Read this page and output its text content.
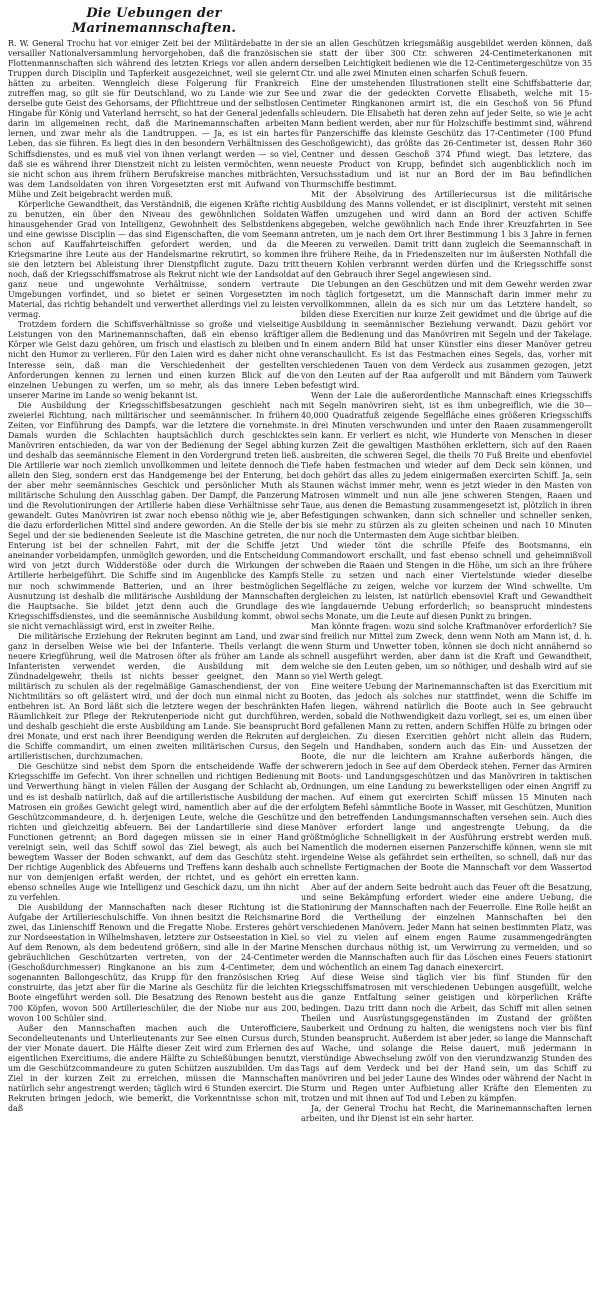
Die Uebungen der Marinemannschaften.

R. W. General Trochu hat vor einiger Zeit bei der Militärdebatte in der versailler Nationalversammlung hervorgehoben, daß die französischen Flottenmannschaften sich während des letzten Kriegs vor allen andern Truppen durch Disciplin und Tapferkeit ausgezeichnet, weil sie gelernt hätten zu arbeiten. Wenngleich diese Folgerung für Frankreich zutreffen mag, so gilt sie für Deutschland, wo zu Lande wie zur See derselbe gute Geist des Gehorsams, der Pflichttreue und der selbstlosen Hingabe für König und Vaterland herrscht, so hat der General jedenfalls darin im allgemeinen recht, daß die Marinemannschaften arbeiten lernen, und zwar mehr als die Landtruppen. — Ja, es ist ein hartes Leben, das sie führen. Es liegt dies in den besondern Verhältnissen des Schiffsdienstes, und es muß viel von ihnen verlangt werden — so viel, daß sie es während ihrer Dienstzeit nicht zu leisten vermöchten, wenn sie nicht schon aus ihrem frühern Berufskreise manches mitbrächten, was dem Landsoldaten von ihren Vorgesetzten erst mit Aufwand von Mühe und Zeit beigebracht werden muß.

Körperliche Gewandtheit, das Verständniß, die eigenen Kräfte richtig zu benutzen, ein über den Niveau des gewöhnlichen Soldaten hinausgehender Grad von Intelligenz, Gewohnheit des Selbstdenkens und eine gewisse Disciplin — das sind Eigenschaften, die vom Seemann schon auf Kauffahrteischiffen gefordert werden, und da die Kriegsmarine ihre Leute aus der Handelsmarine rekrutirt, so kommen sie den letztern bei Ableistung ihrer Dienstpflicht zugute. Dazu tritt noch, daß der Kriegsschiffsmatrose als Rekrut nicht wie der Landsoldat ganz neue und ungewohnte Verhältnisse, sondern vertraute Umgebungen vorfindet, und so bietet er seinen Vorgesetzten im Material, das richtig behandelt und verwerthet allerdings viel zu leisten vermag.

Trotzdem fordern die Schiffsverhältnisse so große und vielseitige Leistungen von den Marinemannschaften, daß ein ebenso kräftiger Körper wie Geist dazu gehören, um frisch und elastisch zu bleiben und nicht den Humor zu verlieren. Für den Laien wird es daher nicht ohne Interesse sein, daß man die Verschiedenheit der gestellten Anforderungen kennen zu lernen und einen kurzen Blick auf die einzelnen Uebungen zu werfen, um so mehr, als das innere Leben unserer Marine im Lande so wenig bekannt ist.

Die Ausbildung der Kriegsschiffsbesatzungen geschieht nach zweierlei Richtung, nach militärischer und seemännischer. In frühern Zeiten, vor Einführung des Dampfs, war die letztere die vornehmste. Damals wurden die Schlachten hauptsächlich durch geschicktes Manövriren entschieden, da war von der Bedienung der Segel abhing und deshalb das seemännische Element in den Vordergrund treten ließ. Die Artillerie war noch ziemlich unvollkommen und leitete dennoch die allein den Sieg, sondern erst das Handgemenge bei der Enterung, bei der aber mehr seemännisches Geschick und persönlicher Muth als militärische Schulung den Ausschlag gaben. Der Dampf, die Panzerung und die Revolutionirungen der Artillerie haben diese Verhältnisse sehr gewandelt. Gutes Manövriren ist zwar noch ebenso nöthig wie je, aber die dazu erforderlichen Mittel sind andere geworden. An die Stelle der Segel und der sie bedienenden Seeleute ist die Maschine getreten, die Enterung ist bei der schnellen Fahrt, mit der die Schiffe jetzt aneinander vorbeidampfen, unmöglich geworden, und die Entscheidung wird von jetzt durch Widderstöße oder durch die Wirkungen der Artillerie herbeigeführt. Die Schiffe sind im Augenblicke des Kampfs nur noch schwimmende Batterien, und an ihrer bestmöglichen Ausnutzung ist deshalb die militärische Ausbildung der Mannschaften die Hauptsache. Sie bildet jetzt denn auch die Grundlage des Kriegsschiffsdienstes, und die seemännische Ausbildung kommt, obwol sie nicht vernachlässigt wird, erst in zweiter Reihe.

Die militärische Erziehung der Rekruten beginnt am Land, und zwar ganz in derselben Weise wie bei der Infanterie. Theils verlangt die neuere Kriegführung, weil die Matrosen öfter als früher am Lande als Infanteristen verwendet werden, die Ausbildung mit dem Zündnadelgewehr, theils ist nichts besser geeignet, den Mann militärisch zu schulen als der regelmäßige Gamaschendienst, der von Nichtmilitärs so oft gelästert wird, und der doch nun einmal nicht zu entbehren ist. An Bord läßt sich die letztere wegen der beschränkten Räumlichkeit zur Pflege der Rekrutenperiode nicht gut durchführen, und deshalb geschieht die erste Ausbildung am Lande. Sie beansprucht drei Monate, und erst nach ihrer Beendigung werden die Rekruten auf die Schiffe commandirt, um einen zweiten militärischen Cursus, den artilleristischen, durchzumachen.

Die Geschütze sind nebst dem Sporn die entscheidende Waffe der Kriegsschiffe im Gefecht. Von ihrer schnellen und richtigen Bedienung und Verwerthung hängt in vielen Fällen der Ausgang der Schlacht ab, und es ist deshalb natürlich, daß auf die artilleristische Ausbildung der Matrosen ein großes Gewicht gelegt wird, namentlich aber auf die der Geschützcommandeure, d. h. derjenigen Leute, welche die Geschütze richten und gleichzeitig abfeuern. Bei der Landartillerie sind diese Functionen getrennt; an Bord dagegen müssen sie in einer Hand vereinigt sein, weil das Schiff sowol das Ziel bewegt, als auch bei bewegtem Wasser der Boden schwankt, auf dem das Geschütz steht. Der richtige Augenblick des Abfeuerns und Treffens kann deshalb auch nur von demjenigen erfaßt werden, der richtet, und es gehört ein ebenso schnelles Auge wie Intelligenz und Geschick dazu, um ihn nicht zu verfehlen.

Die Ausbildung der Mannschaften nach dieser Richtung ist die Aufgabe der Artillerieschulschiffe. Von ihnen besitzt die Reichsmarine zwei, das Linienschiff Renown und die Fregatte Niobe. Ersteres gehört zur Nordseestation in Wilhelmshaven, letztere zur Ostseestation in Kiel. Auf dem Renown, als dem bedeutend größern, sind alle in der Marine gebräuchlichen Geschützarten vertreten, von der 24-Centimeter (Geschoßdurchmesser) Ringkanone an bis zum 4-Centimeter, dem sogenannten Ballongeschütz, das Krupp für den französischen Krieg construirte, das jetzt aber für die Marine als Geschütz für die leichten Boote eingeführt werden soll. Die Besatzung des Renown besteht aus 700 Köpfen, wovon 500 Artillerieschüler, die der Niobe nur aus 200, wovon 100 Schüler sind.

Außer den Mannschaften machen auch die Unterofficiere, Secondelieutenants und Unterlieutenants zur See einen Cursus durch, der vier Monate dauert. Die Hälfte dieser Zeit wird zum Erlernen des eigentlichen Exercitiums, die andere Hälfte zu Schießübungen benutzt, um die Geschützcommandeure zu guten Schützen auszubilden. Um das Ziel in der kurzen Zeit zu erreichen, müssen die Mannschaften natürlich sehr angestrengt werden; täglich wird 6 Stunden exercirt. Die Rekruten bringen jedoch, wie bemerkt, die Vorkenntnisse schon mit, daß

sie an allen Geschützen kriegsmäßig ausgebildet werden können, daß sie statt der über 300 Ctr. schweren 24-Centimeterkanonen mit derselben Leichtigkeit bedienen wie die 12-Centimetergeschütze von 35 Ctr. und alle zwei Minuten einen scharfen Schuß feuern.

Eine der umstehenden Illustrationen stellt eine Schiffsbatterie dar, und zwar die der gedeckten Corvette Elisabeth, welche mit 15-Centimeter Ringkanonen armirt ist, die ein Geschoß von 56 Pfund schleudern. Die Elisabeth hat deren zehn auf jeder Seite, so wie je acht Mann bedient werden, aber nur für Holzschiffe bestimmt sind, während für Panzerschiffe das kleinste Geschütz das 17-Centimeter (100 Pfund Geschoßgewicht), das größte das 26-Centimeter ist, dessen Rohr 360 Centner und dessen Geschoß 374 Pfund wiegt. Das letztere, das neueste Product von Krupp, befindet sich augenblicklich noch im Versuchsstadium und ist nur an Bord der im Bau befindlichen Thurmschiffe bestimmt.

Mit der Absolvirung des Artilleriecursus ist die militärische Ausbildung des Manns vollendet, er ist disciplinirt, versteht mit seinen Waffen umzugehen und wird dann an Bord der activen Schiffe abgegeben, welche gewöhnlich nach Ende ihrer Kreuzfahrten in See antreten, um je nach dem Ort ihrer Bestimmung 1 bis 3 Jahre in fernen Meeren zu verweilen. Damit tritt dann zugleich die Seemannschaft in ihre frühere Reihe, da in Friedenszeiten nur im äußersten Nothfall die theuern Kohlen verbrannt werden dürfen und die Kriegsschiffe sonst auf den Gebrauch ihrer Segel angewiesen sind.

Die Uebungen an den Geschützen und mit dem Gewehr werden zwar noch täglich fortgesetzt, um die Mannschaft darin immer mehr zu vervollkommnen, allein da es sich nur um das Letztere handelt, so bilden diese Exercitien nur kurze Zeit gewidmet und die übrige auf die Ausbildung in seemännischer Beziehung verwandt. Dazu gehört vor allem die Bedienung und das Manövriren mit Segeln und der Takelage. In einem andern Bild hat unser Künstler eins dieser Manöver getreu veranschaulicht. Es ist das Festmachen eines Segels, das, vorher mit verschiedenen Tauen von dem Verdeck aus zusammen gezogen, jetzt von den Leuten auf der Raa aufgerollt und mit Bändern vom Tauwerk befestigt wird.

Wenn der Laie die außerordentliche Mannschaft eines Kriegsschiffs mit Segeln manövriren sieht, ist es ihm unbegreiflich, wie die 30—40,000 Quadratfuß zeigende Segelfläche eines größeren Kriegsschiffs in drei Minuten verschwunden und unter den Raaen zusammengerollt sein kann. Er verliert es nicht, wie Hunderte von Menschen in dieser kurzen Zeit die gewaltigen Masthöhen erklettern, sich auf den Raaen ausbreiten, die schweren Segel, die theils 70 Fuß Breite und ebenfoviel Tiefe haben festmachen und wieder auf dem Deck sein können, und doch gehört das alles zu jedem einigermaßen exercirten Schiff. Ja, sein Staunen wächst immer mehr, wenn es jetzt wieder in den Masten von Matrosen wimmelt und nun alle jene schweren Stengen, Raaen und Taue, aus denen die Bemastung zusammengesetzt ist, plötzlich in ihren Befestigungen schwanken, dann sich schneller und schneller senken, bis sie mehr zu stürzen als zu gleiten scheinen und nach 10 Minuten nur noch die Untermasten dem Auge sichtbar bleiben.

Und wieder tönt die schrille Pfeife des Bootsmanns, ein Commandowort erschallt, und fast ebenso schnell und geheimnißvoll schweben die Raaen und Stengen in die Höhe, um sich an ihre frühere Stelle zu setzen und nach einer Viertelstunde wieder dieselbe Segelfläche zu zeigen, welche vor kurzem der Wind schwellte. Um dergleichen zu leisten, ist natürlich ebensoviel Kraft und Gewandtheit wie langdauernde Uebung erforderlich; so beansprucht mindestens sechs Monate, um die Leute auf diesen Punkt zu bringen.

Man könnte fragen: wozu sind solche Kraftmanöver erforderlich? Sie sind freilich nur Mittel zum Zweck, denn wenn Noth am Mann ist, d. h. wenn Sturm und Unwetter toben, können sie doch nicht annähernd so schnell ausgeführt werden, aber dann ist die Kraft und Gewandtheit, welche sie den Leuten geben, um so nöthiger, und deshalb wird auf sie so viel Werth gelegt.

Eine weitere Uebung der Marinemannschaften ist das Exercitium mit Booten, das jedoch als solches nur stattfindet, wenn die Schiffe im Hafen liegen, während natürlich die Boote auch in See gebraucht werden, sobald die Nothwendigkeit dazu vorliegt, sei es, um einen über Bord gefallenen Mann zu retten, andern Schiffen Hülfe zu bringen oder dergleichen. Zu diesen Exercitien gehört nicht allein das Rudern, Segeln und Handhaben, sondern auch das Ein- und Aussetzen der Boote, die nur die leichtern am Krahne außerbords hängen, die schwerern jedoch in See auf dem Oberdeck stehen. Ferner das Armiren mit Boots- und Landungsgeschützen und das Manövriren in taktischen Ordnungen, um eine Landung zu bewerkstelligen oder einen Angriff zu machen. Auf einem gut exercirten Schiff müssen 15 Minuten nach erfolgtem Befehl sämmtliche Boote in Wasser, mit Geschützen, Munition und den betreffenden Landungsmannschaften versehen sein. Auch dies Manöver erfordert lange und angestrengte Uebung, da die größtmögliche Schnelligkeit in der Ausführung erstrebt werden muß. Namentlich die modernen eisernen Panzerschiffe können, wenn sie mit irgendeine Weise als gefährdet sein ertheilten, so schnell, daß nur das schnellste Fertigmachen der Boote die Mannschaft vor dem Wassertod erretten kann.

Aber auf der andern Seite bedroht auch das Feuer oft die Besatzung, und seine Bekämpfung erfordert wieder eine andere Uebung, die Stationirung der Mannschaften nach der Feuerrolle. Eine Rolle heißt an Bord die Vertheilung der einzelnen Mannschaften bei den verschiedenen Manövern. Jeder Mann hat seinen bestimmten Platz, was so viel zu vielen auf einem engen Raume zusammengedrängten Menschen durchaus nöthig ist, um Verwirrung zu vermeiden, und so werden die Mannschaften auch für das Löschen eines Feuers stationirt und wöchentlich an einem Tag danach einexercirt.

Auf diese Weise sind täglich vier bis fünf Stunden für den Kriegsschiffsmatrosen mit verschiedenen Uebungen ausgefüllt, welche die ganze Entfaltung seiner geistigen und körperlichen Kräfte bedingen. Dazu tritt dann noch die Arbeit, das Schiff mit allen seinen Theilen und Ausrüstungsgegenständen im Zustand der größten Sauberkeit und Ordnung zu halten, die wenigstens noch vier bis fünf Stunden beansprucht. Außerdem ist aber jeder, so lange die Mannschaft auf Wache, und solange die Reise dauert, muß jedermann in vierstündige Abwechselung zwölf von den vierundzwanzig Stunden des Tags auf dem Verdeck und bei der Hand sein, um das Schiff zu manövriren und bei jeder Laune des Windes oder während der Nacht in Sturm und Regen unter Aufbietung aller Kräfte den Elementen zu trotzen und mit ihnen auf Tod und Leben zu kämpfen.

Ja, der General Trochu hat Recht, die Marinemannschaften lernen arbeiten, und ihr Dienst ist ein sehr harter.
